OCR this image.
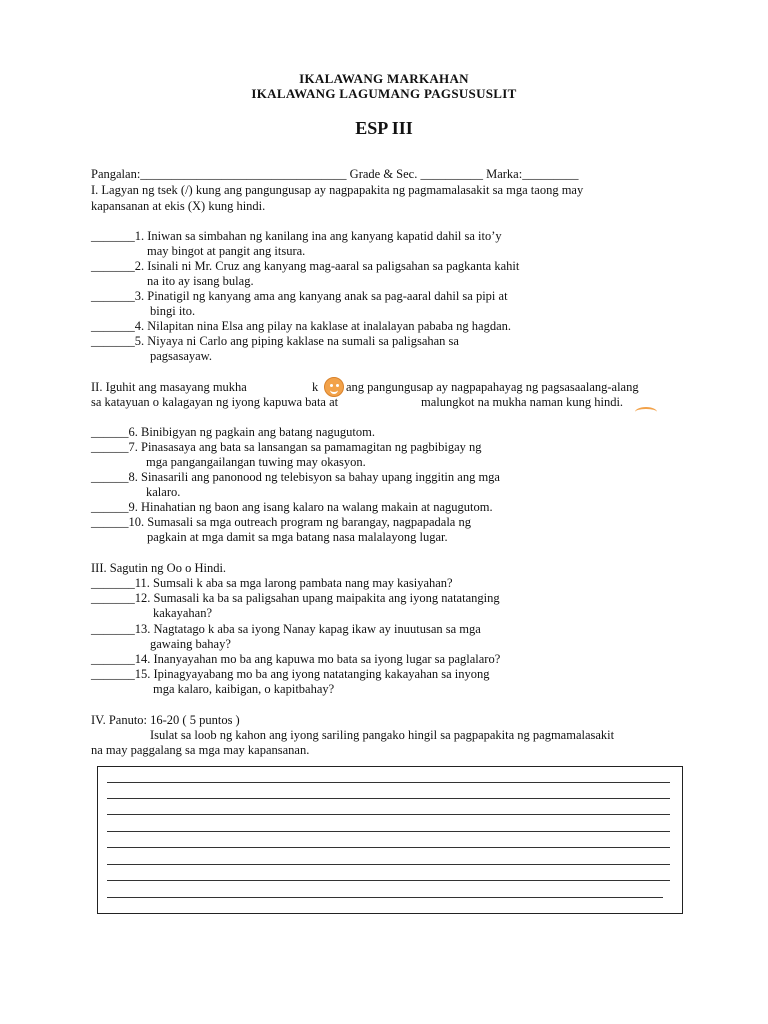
IKALAWANG MARKAHAN
IKALAWANG LAGUMANG PAGSUSUSLIT
ESP III
Pangalan:_________________________________ Grade & Sec. __________ Marka:_________
I. Lagyan ng tsek (/) kung ang pangungusap ay nagpapakita ng pagmamalasakit sa mga taong may
kapansanan at ekis (X) kung hindi.
_______1. Iniwan sa simbahan ng kanilang ina ang kanyang kapatid dahil sa ito’y
may bingot at pangit ang itsura.
_______2. Isinali ni Mr. Cruz ang kanyang mag-aaral sa paligsahan sa pagkanta kahit
na ito ay isang bulag.
_______3. Pinatigil ng kanyang ama ang kanyang anak sa pag-aaral dahil sa pipi at
bingi ito.
_______4. Nilapitan nina Elsa ang pilay na kaklase at inalalayan pababa ng hagdan.
_______5. Niyaya ni Carlo ang piping kaklase na sumali sa paligsahan sa
pagsasayaw.
II. Iguhit ang masayang mukha	k ang pangungusap ay nagpapahayag ng pagsasaalang-alang
sa katayuan o kalagayan ng iyong kapuwa bata at	malungkot na mukha naman kung hindi.
______6. Binibigyan ng pagkain ang batang nagugutom.
______7. Pinasasaya ang bata sa lansangan sa pamamagitan ng pagbibigay ng
mga pangangailangan tuwing may okasyon.
______8. Sinasarili ang panonood ng telebisyon sa bahay upang inggitin ang mga
kalaro.
______9. Hinahatian ng baon ang isang kalaro na walang makain at nagugutom.
______10. Sumasali sa mga outreach program ng barangay, nagpapadala ng
pagkain at mga damit sa mga batang nasa malalayong lugar.
III. Sagutin ng Oo o Hindi.
_______11. Sumsali k aba sa mga larong pambata nang may kasiyahan?
_______12. Sumasali ka ba sa paligsahan upang maipakita ang iyong natatanging
kakayahan?
_______13. Nagtatago k aba sa iyong Nanay kapag ikaw ay inuutusan sa mga
gawaing bahay?
_______14. Inanyayahan mo ba ang kapuwa mo bata sa iyong lugar sa paglalaro?
_______15. Ipinagyayabang mo ba ang iyong natatanging kakayahan sa inyong
mga kalaro, kaibigan, o kapitbahay?
IV. Panuto: 16-20 ( 5 puntos )
Isulat sa loob ng kahon ang iyong sariling pangako hingil sa pagpapakita ng pagmamalasakit
na may paggalang sa mga may kapansanan.
